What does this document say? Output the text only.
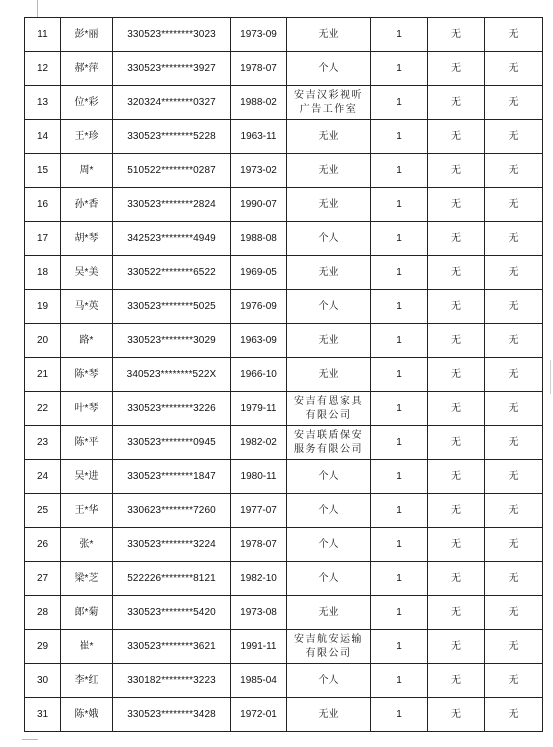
11	彭*丽	330523********3023	1973-09	无业	1	无	无
12	郝*萍	330523********3927	1978-07	个人	1	无	无
13	位*彩	320324********0327	1988-02	安吉汉彩视听
广告工作室	1	无	无
14	王*珍	330523********5228	1963-11	无业	1	无	无
15	周*	510522********0287	1973-02	无业	1	无	无
16	孙*香	330523********2824	1990-07	无业	1	无	无
17	胡*琴	342523********4949	1988-08	个人	1	无	无
18	吴*美	330522********6522	1969-05	无业	1	无	无
19	马*英	330523********5025	1976-09	个人	1	无	无
20	路*	330523********3029	1963-09	无业	1	无	无
21	陈*琴	340523********522X	1966-10	无业	1	无	无
22	叶*琴	330523********3226	1979-11	安吉有恩家具
有限公司	1	无	无
23	陈*平	330523********0945	1982-02	安吉联盾保安
服务有限公司	1	无	无
24	吴*进	330523********1847	1980-11	个人	1	无	无
25	王*华	330623********7260	1977-07	个人	1	无	无
26	张*	330523********3224	1978-07	个人	1	无	无
27	梁*芝	522226********8121	1982-10	个人	1	无	无
28	郎*菊	330523********5420	1973-08	无业	1	无	无
29	崔*	330523********3621	1991-11	安吉航安运输
有限公司	1	无	无
30	李*红	330182********3223	1985-04	个人	1	无	无
31	陈*娥	330523********3428	1972-01	无业	1	无	无
